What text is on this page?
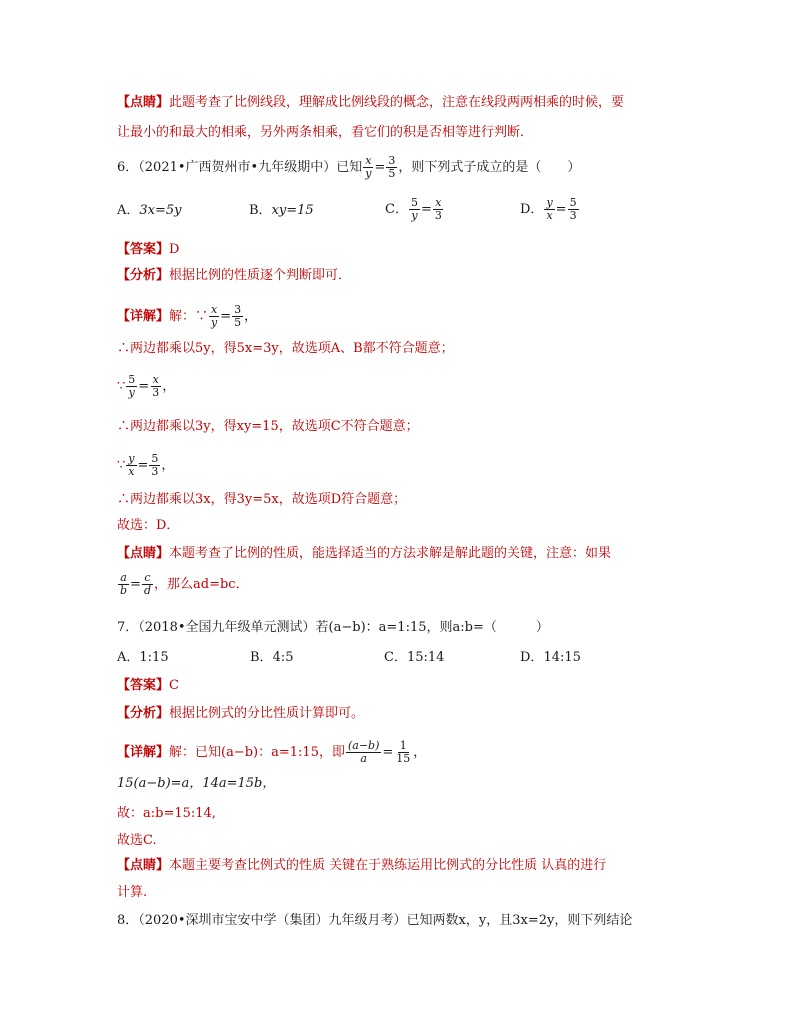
【点睛】此题考查了比例线段，理解成比例线段的概念，注意在线段两两相乘的时候，要
让最小的和最大的相乘，另外两条相乘，看它们的积是否相等进行判断．
6．（2021•广西贺州市•九年级期中）已知 $\frac{x}{y} = \frac{3}{5}$ ，则下列式子成立的是（　　）
A．3x=5y	B．xy=15	C． $\frac{5}{y} = \frac{x}{3}$	D． $\frac{y}{x} = \frac{5}{3}$
【答案】D
【分析】根据比例的性质逐个判断即可．
【详解】解：∵ $\frac{x}{y} = \frac{3}{5}$ ，
∴两边都乘以5y，得5x=3y，故选项A、B都不符合题意；
∵ $\frac{5}{y} = \frac{x}{3}$ ，
∴两边都乘以3y，得xy=15，故选项C不符合题意；
∵ $\frac{y}{x} = \frac{5}{3}$ ，
∴两边都乘以3x，得3y=5x，故选项D符合题意；
故选：D．
【点睛】本题考查了比例的性质，能选择适当的方法求解是解此题的关键，注意：如果
$\frac{a}{b} = \frac{c}{d}$ ，那么ad=bc．
7．（2018•全国九年级单元测试）若(a−b)：a=1:15，则a:b=（　　　）
A．1:15	B．4:5	C．15:14	D．14:15
【答案】C
【分析】根据比例式的分比性质计算即可。
【详解】解：已知(a−b)：a=1:15，即 $\frac{(a-b)}{a} = \frac{1}{15}$ ，
15(a−b)=a，14a=15b，
故：a:b=15:14,
故选C.
【点睛】本题主要考查比例式的性质 关键在于熟练运用比例式的分比性质 认真的进行
计算.
8．（2020•深圳市宝安中学（集团）九年级月考）已知两数x，y，且3x=2y，则下列结论
